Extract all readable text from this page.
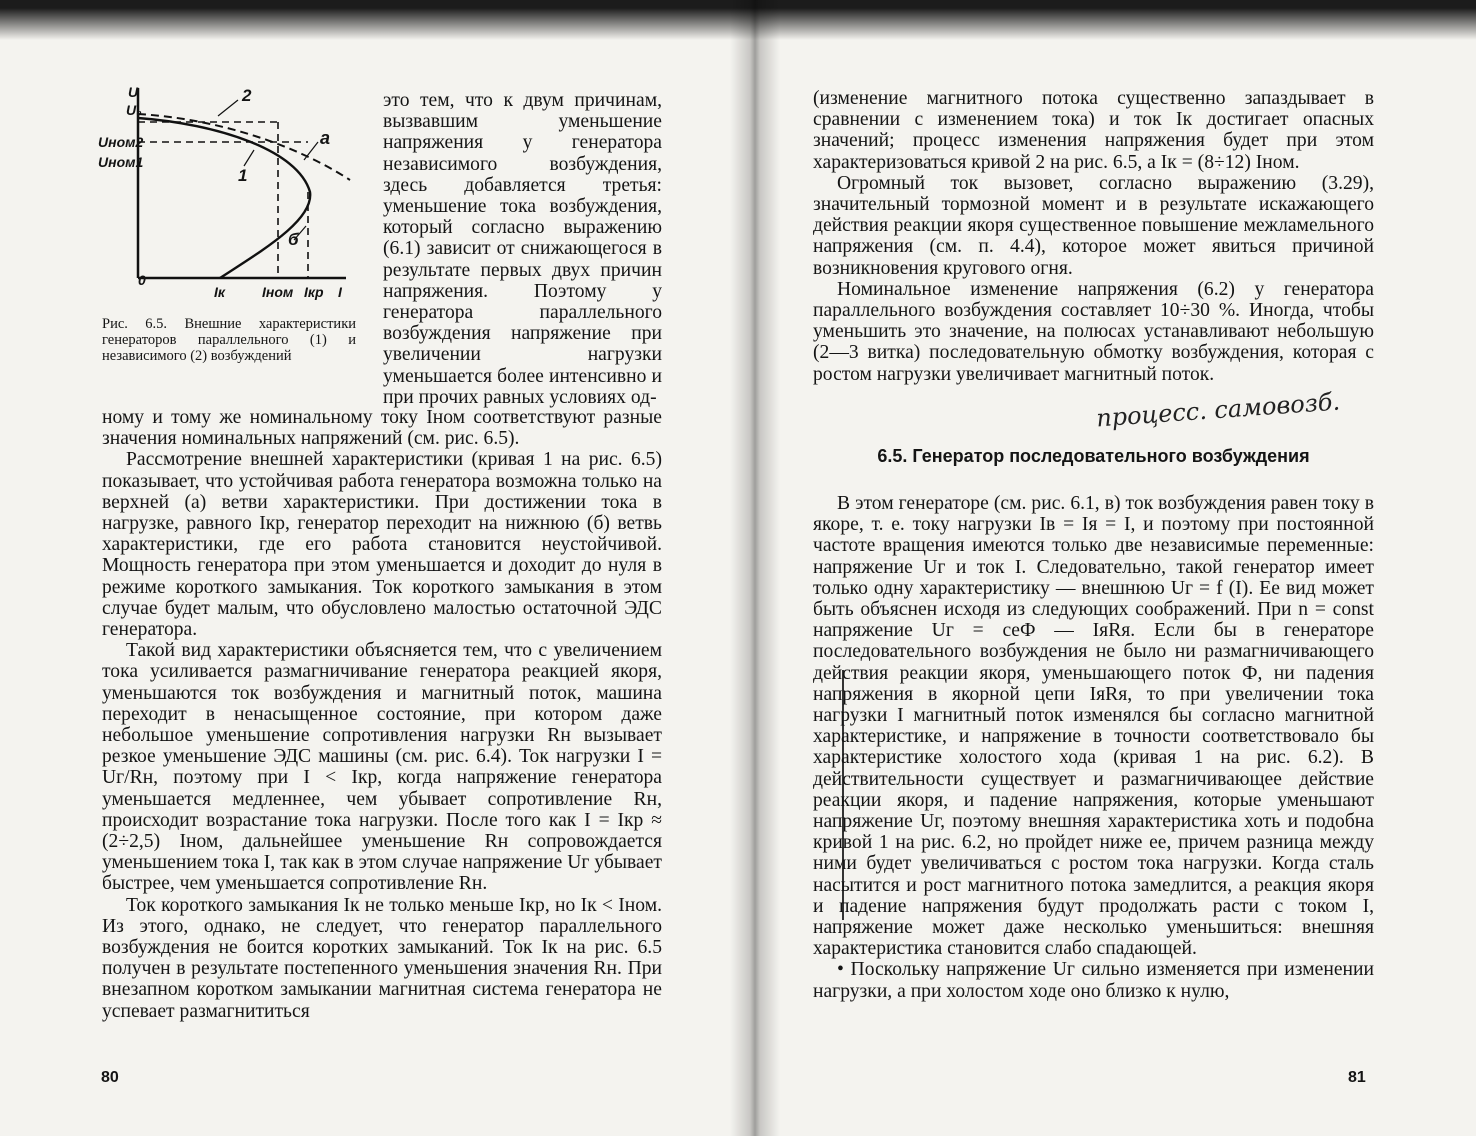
U
U₀
Uном2
Uном1
0
Iк	Iном Iкр I
2
1
a
б
Рис. 6.5. Внешние характеристики генераторов параллельного (1) и независимого (2) возбуждений

это тем, что к двум причинам, вызвавшим уменьшение напряжения у генератора независимого возбуждения, здесь добавляется третья: уменьшение тока возбуждения, который согласно выражению (6.1) зависит от снижающегося в результате первых двух причин напряжения. Поэтому у генератора параллельного возбуждения напряжение при увеличении нагрузки уменьшается более интенсивно и при прочих равных условиях од-

ному и тому же номинальному току Iном соответствуют разные значения номинальных напряжений (см. рис. 6.5).

Рассмотрение внешней характеристики (кривая 1 на рис. 6.5) показывает, что устойчивая работа генератора возможна только на верхней (а) ветви характеристики. При достижении тока в нагрузке, равного Iкр, генератор переходит на нижнюю (б) ветвь характеристики, где его работа становится неустойчивой. Мощность генератора при этом уменьшается и доходит до нуля в режиме короткого замыкания. Ток короткого замыкания в этом случае будет малым, что обусловлено малостью остаточной ЭДС генератора.

Такой вид характеристики объясняется тем, что с увеличением тока усиливается размагничивание генератора реакцией якоря, уменьшаются ток возбуждения и магнитный поток, машина переходит в ненасыщенное состояние, при котором даже небольшое уменьшение сопротивления нагрузки Rн вызывает резкое уменьшение ЭДС машины (см. рис. 6.4). Ток нагрузки I = Uг/Rн, поэтому при I < Iкр, когда напряжение генератора уменьшается медленнее, чем убывает сопротивление Rн, происходит возрастание тока нагрузки. После того как I = Iкр ≈ (2÷2,5) Iном, дальнейшее уменьшение Rн сопровождается уменьшением тока I, так как в этом случае напряжение Uг убывает быстрее, чем уменьшается сопротивление Rн.

Ток короткого замыкания Iк не только меньше Iкр, но Iк < Iном. Из этого, однако, не следует, что генератор параллельного возбуждения не боится коротких замыканий. Ток Iк на рис. 6.5 получен в результате постепенного уменьшения значения Rн. При внезапном коротком замыкании магнитная система генератора не успевает размагнититься

80

(изменение магнитного потока существенно запаздывает в сравнении с изменением тока) и ток Iк достигает опасных значений; процесс изменения напряжения будет при этом характеризоваться кривой 2 на рис. 6.5, а Iк = (8÷12) Iном.

Огромный ток вызовет, согласно выражению (3.29), значительный тормозной момент и в результате искажающего действия реакции якоря существенное повышение межламельного напряжения (см. п. 4.4), которое может явиться причиной возникновения кругового огня.

Номинальное изменение напряжения (6.2) у генератора параллельного возбуждения составляет 10÷30 %. Иногда, чтобы уменьшить это значение, на полюсах устанавливают небольшую (2—3 витка) последовательную обмотку возбуждения, которая с ростом нагрузки увеличивает магнитный поток.

процесс. самовозб.
6.5. Генератор последовательного возбуждения

В этом генераторе (см. рис. 6.1, в) ток возбуждения равен току в якоре, т. е. току нагрузки Iв = Iя = I, и поэтому при постоянной частоте вращения имеются только две независимые переменные: напряжение Uг и ток I. Следовательно, такой генератор имеет только одну характеристику — внешнюю Uг = f (I). Ее вид может быть объяснен исходя из следующих соображений. При n = const напряжение Uг = ceФ — IяRя. Если бы в генераторе последовательного возбуждения не было ни размагничивающего действия реакции якоря, уменьшающего поток Ф, ни падения напряжения в якорной цепи IяRя, то при увеличении тока нагрузки I магнитный поток изменялся бы согласно магнитной характеристике, и напряжение в точности соответствовало бы характеристике холостого хода (кривая 1 на рис. 6.2). В действительности существует и размагничивающее действие реакции якоря, и падение напряжения, которые уменьшают напряжение Uг, поэтому внешняя характеристика хоть и подобна кривой 1 на рис. 6.2, но пройдет ниже ее, причем разница между ними будет увеличиваться с ростом тока нагрузки. Когда сталь насытится и рост магнитного потока замедлится, а реакция якоря и падение напряжения будут продолжать расти с током I, напряжение может даже несколько уменьшиться: внешняя характеристика становится слабо спадающей.

• Поскольку напряжение Uг сильно изменяется при изменении нагрузки, а при холостом ходе оно близко к нулю,

81
